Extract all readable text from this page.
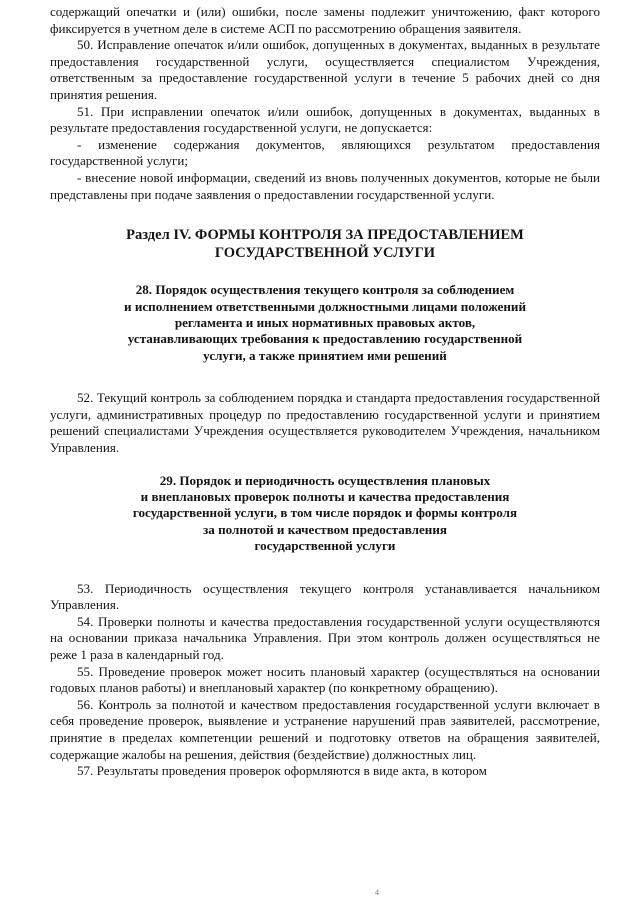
содержащий опечатки и (или) ошибки, после замены подлежит уничтожению, факт которого фиксируется в учетном деле в системе АСП по рассмотрению обращения заявителя.

50. Исправление опечаток и/или ошибок, допущенных в документах, выданных в результате предоставления государственной услуги, осуществляется специалистом Учреждения, ответственным за предоставление государственной услуги в течение 5 рабочих дней со дня принятия решения.

51. При исправлении опечаток и/или ошибок, допущенных в документах, выданных в результате предоставления государственной услуги, не допускается:

- изменение содержания документов, являющихся результатом предоставления государственной услуги;

- внесение новой информации, сведений из вновь полученных документов, которые не были представлены при подаче заявления о предоставлении государственной услуги.

Раздел IV. ФОРМЫ КОНТРОЛЯ ЗА ПРЕДОСТАВЛЕНИЕМ
ГОСУДАРСТВЕННОЙ УСЛУГИ
28. Порядок осуществления текущего контроля за соблюдением
и исполнением ответственными должностными лицами положений
регламента и иных нормативных правовых актов,
устанавливающих требования к предоставлению государственной
услуги, а также принятием ими решений

52. Текущий контроль за соблюдением порядка и стандарта предоставления государственной услуги, административных процедур по предоставлению государственной услуги и принятием решений специалистами Учреждения осуществляется руководителем Учреждения, начальником Управления.

29. Порядок и периодичность осуществления плановых
и внеплановых проверок полноты и качества предоставления
государственной услуги, в том числе порядок и формы контроля
за полнотой и качеством предоставления
государственной услуги

53. Периодичность осуществления текущего контроля устанавливается начальником Управления.

54. Проверки полноты и качества предоставления государственной услуги осуществляются на основании приказа начальника Управления. При этом контроль должен осуществляться не реже 1 раза в календарный год.

55. Проведение проверок может носить плановый характер (осуществляться на основании годовых планов работы) и внеплановый характер (по конкретному обращению).

56. Контроль за полнотой и качеством предоставления государственной услуги включает в себя проведение проверок, выявление и устранение нарушений прав заявителей, рассмотрение, принятие в пределах компетенции решений и подготовку ответов на обращения заявителей, содержащие жалобы на решения, действия (бездействие) должностных лиц.

57. Результаты проведения проверок оформляются в виде акта, в котором

4
